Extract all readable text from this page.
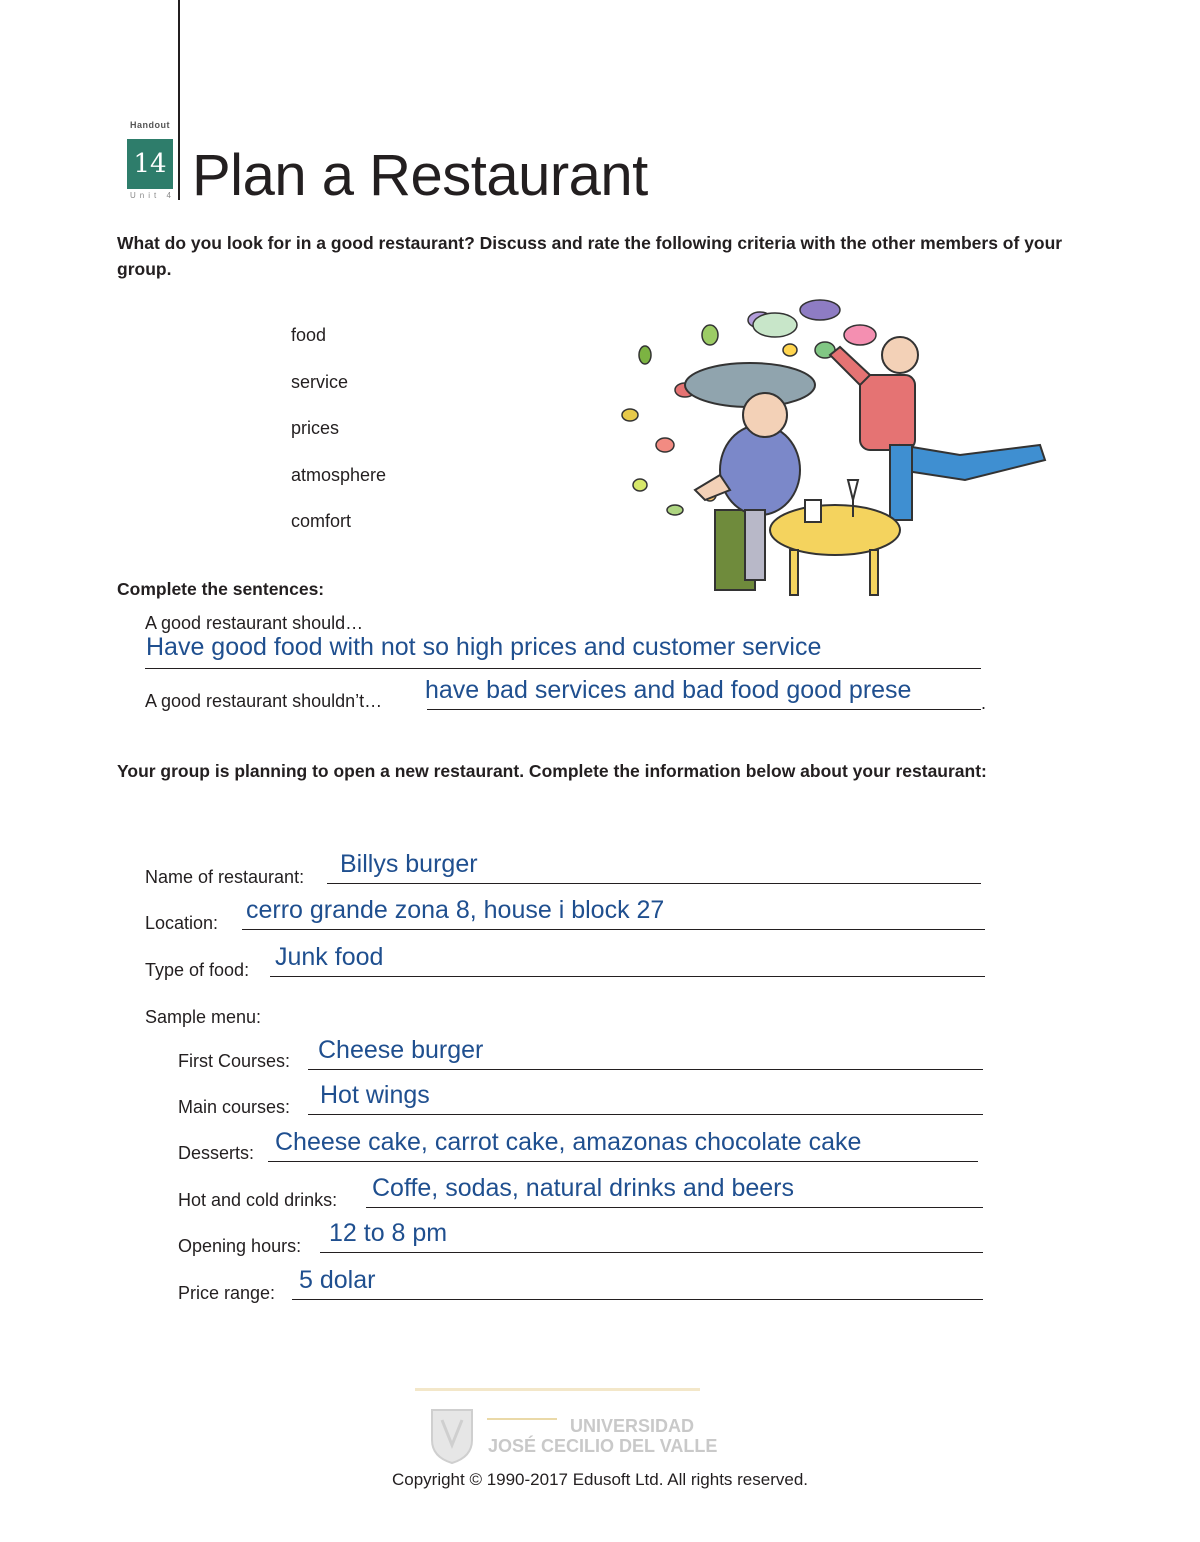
Handout
14
Unit 4 Plan a Restaurant
What do you look for in a good restaurant? Discuss and rate the following criteria with the other members of your group.
food
service
prices
atmosphere
comfort
Complete the sentences:
A good restaurant should…
Have good food with not so high prices and customer service
A good restaurant shouldn’t… have bad services and bad food good prese	.
Your group is planning to open a new restaurant. Complete the information below about your restaurant:
Name of restaurant: Billys burger
Location: cerro grande zona 8, house i block 27
Type of food: Junk food
Sample menu:
First Courses: Cheese burger
Main courses: Hot wings
Desserts: Cheese cake, carrot cake, amazonas chocolate cake
Hot and cold drinks: Coffe, sodas, natural drinks and beers
Opening hours: 12 to 8 pm
Price range: 5 dolar
UNIVERSIDAD
JOSÉ CECILIO DEL VALLE
Copyright © 1990-2017 Edusoft Ltd. All rights reserved.
